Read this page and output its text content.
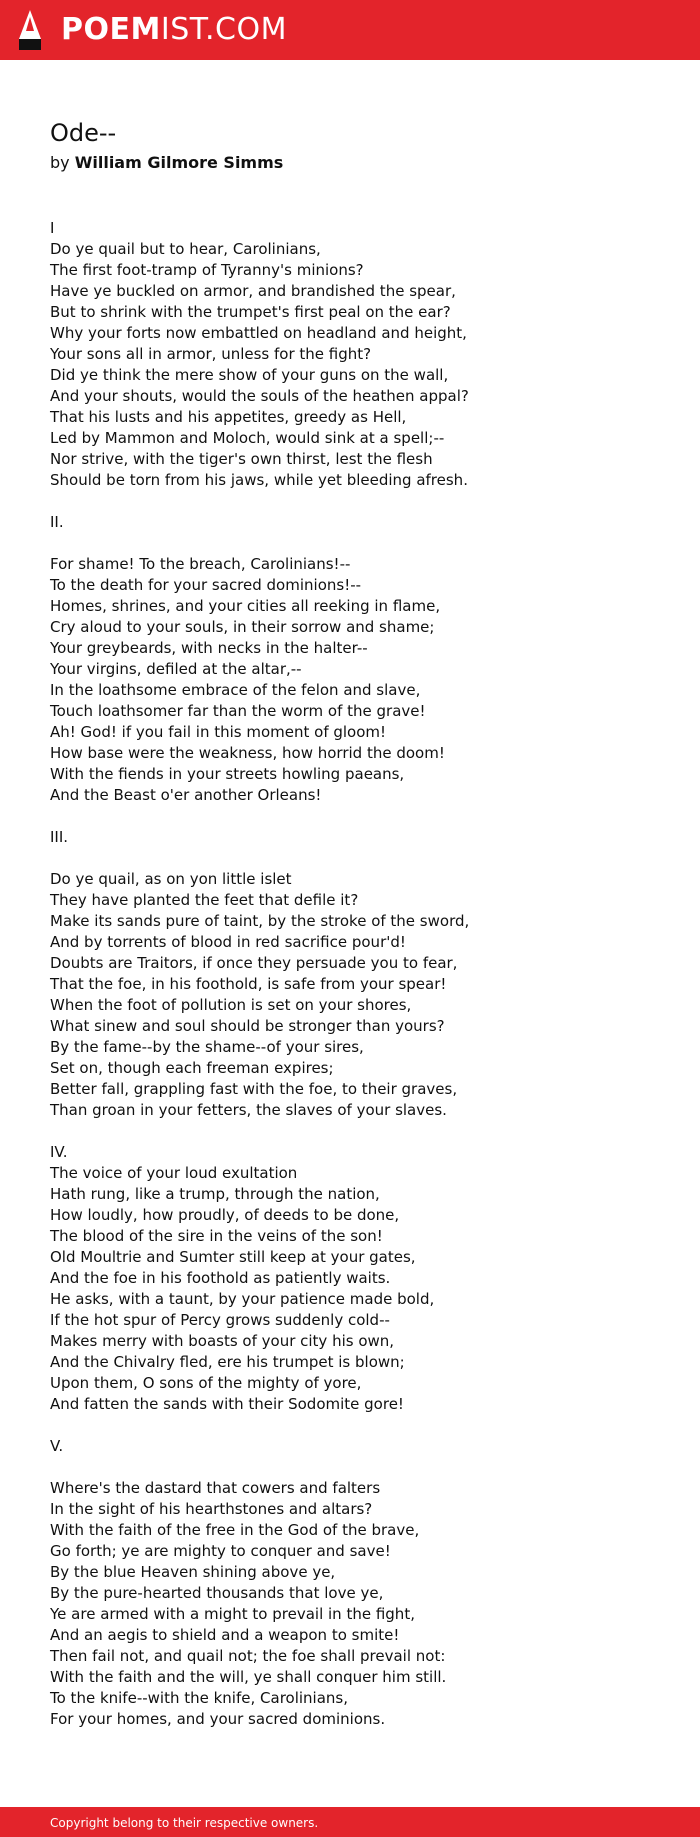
POEMIST.COM
Ode--
by William Gilmore Simms
I
Do ye quail but to hear, Carolinians,
The first foot-tramp of Tyranny's minions?
Have ye buckled on armor, and brandished the spear,
But to shrink with the trumpet's first peal on the ear?
Why your forts now embattled on headland and height,
Your sons all in armor, unless for the fight?
Did ye think the mere show of your guns on the wall,
And your shouts, would the souls of the heathen appal?
That his lusts and his appetites, greedy as Hell,
Led by Mammon and Moloch, would sink at a spell;--
Nor strive, with the tiger's own thirst, lest the flesh
Should be torn from his jaws, while yet bleeding afresh.
II.
For shame! To the breach, Carolinians!--
To the death for your sacred dominions!--
Homes, shrines, and your cities all reeking in flame,
Cry aloud to your souls, in their sorrow and shame;
Your greybeards, with necks in the halter--
Your virgins, defiled at the altar,--
In the loathsome embrace of the felon and slave,
Touch loathsomer far than the worm of the grave!
Ah! God! if you fail in this moment of gloom!
How base were the weakness, how horrid the doom!
With the fiends in your streets howling paeans,
And the Beast o'er another Orleans!
III.
Do ye quail, as on yon little islet
They have planted the feet that defile it?
Make its sands pure of taint, by the stroke of the sword,
And by torrents of blood in red sacrifice pour'd!
Doubts are Traitors, if once they persuade you to fear,
That the foe, in his foothold, is safe from your spear!
When the foot of pollution is set on your shores,
What sinew and soul should be stronger than yours?
By the fame--by the shame--of your sires,
Set on, though each freeman expires;
Better fall, grappling fast with the foe, to their graves,
Than groan in your fetters, the slaves of your slaves.
IV.
The voice of your loud exultation
Hath rung, like a trump, through the nation,
How loudly, how proudly, of deeds to be done,
The blood of the sire in the veins of the son!
Old Moultrie and Sumter still keep at your gates,
And the foe in his foothold as patiently waits.
He asks, with a taunt, by your patience made bold,
If the hot spur of Percy grows suddenly cold--
Makes merry with boasts of your city his own,
And the Chivalry fled, ere his trumpet is blown;
Upon them, O sons of the mighty of yore,
And fatten the sands with their Sodomite gore!
V.
Where's the dastard that cowers and falters
In the sight of his hearthstones and altars?
With the faith of the free in the God of the brave,
Go forth; ye are mighty to conquer and save!
By the blue Heaven shining above ye,
By the pure-hearted thousands that love ye,
Ye are armed with a might to prevail in the fight,
And an aegis to shield and a weapon to smite!
Then fail not, and quail not; the foe shall prevail not:
With the faith and the will, ye shall conquer him still.
To the knife--with the knife, Carolinians,
For your homes, and your sacred dominions.
Copyright belong to their respective owners.
